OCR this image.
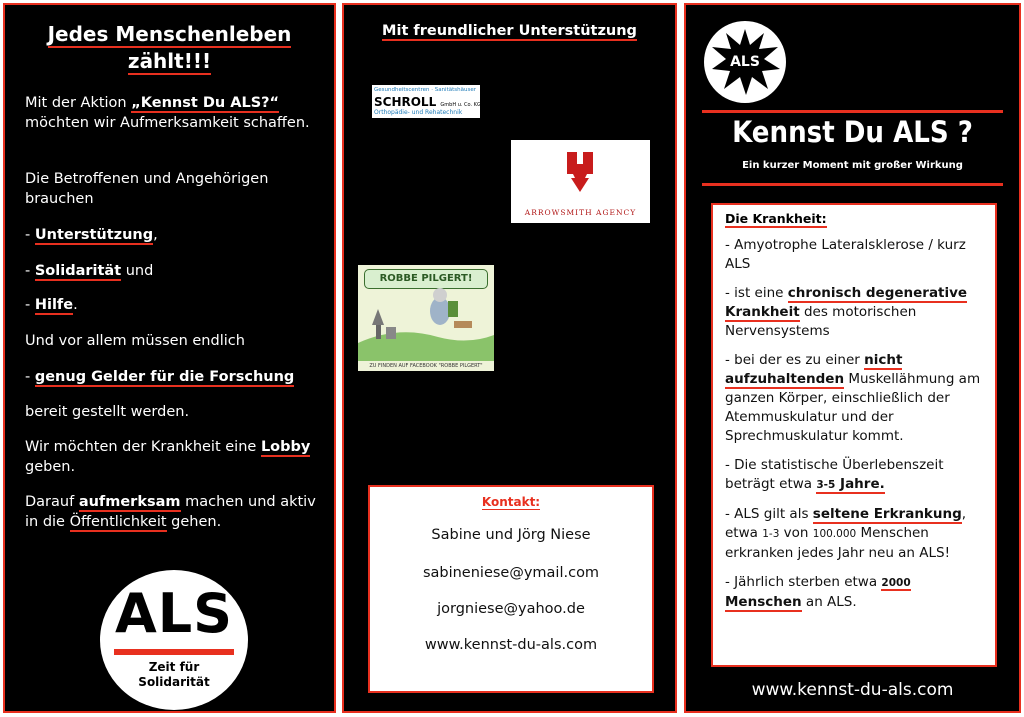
Jedes Menschenleben
zählt!!!
Mit der Aktion „Kennst Du ALS?“ möchten wir Aufmerksamkeit schaffen.
Die Betroffenen und Angehörigen brauchen
- Unterstützung,
- Solidarität und
- Hilfe.
Und vor allem müssen endlich
- genug Gelder für die Forschung
bereit gestellt werden.
Wir möchten der Krankheit eine Lobby geben.
Darauf aufmerksam machen und aktiv in die Öffentlichkeit gehen.
ALS
Zeit für
Solidarität
Mit freundlicher Unterstützung
Gesundheitscentren · Sanitätshäuser
SCHROLL GmbH u. Co. KG
Orthopädie- und Rehatechnik
ARROWSMITH AGENCY
ROBBE PILGERT!
ZU FINDEN AUF FACEBOOK "ROBBE PILGERT"
Kontakt:
Sabine und Jörg Niese
sabineniese@ymail.com
jorgniese@yahoo.de
www.kennst-du-als.com
ALS
Kennst Du ALS ?
Ein kurzer Moment mit großer Wirkung
Die Krankheit:
- Amyotrophe Lateralsklerose / kurz ALS
- ist eine chronisch degenerative Krankheit des motorischen Nervensystems
- bei der es zu einer nicht aufzuhaltenden Muskellähmung am ganzen Körper, einschließlich der Atemmuskulatur und der Sprechmuskulatur kommt.
- Die statistische Überlebenszeit beträgt etwa 3-5 Jahre.
- ALS gilt als seltene Erkrankung, etwa 1-3 von 100.000 Menschen erkranken jedes Jahr neu an ALS!
- Jährlich sterben etwa 2000
Menschen an ALS.
www.kennst-du-als.com
